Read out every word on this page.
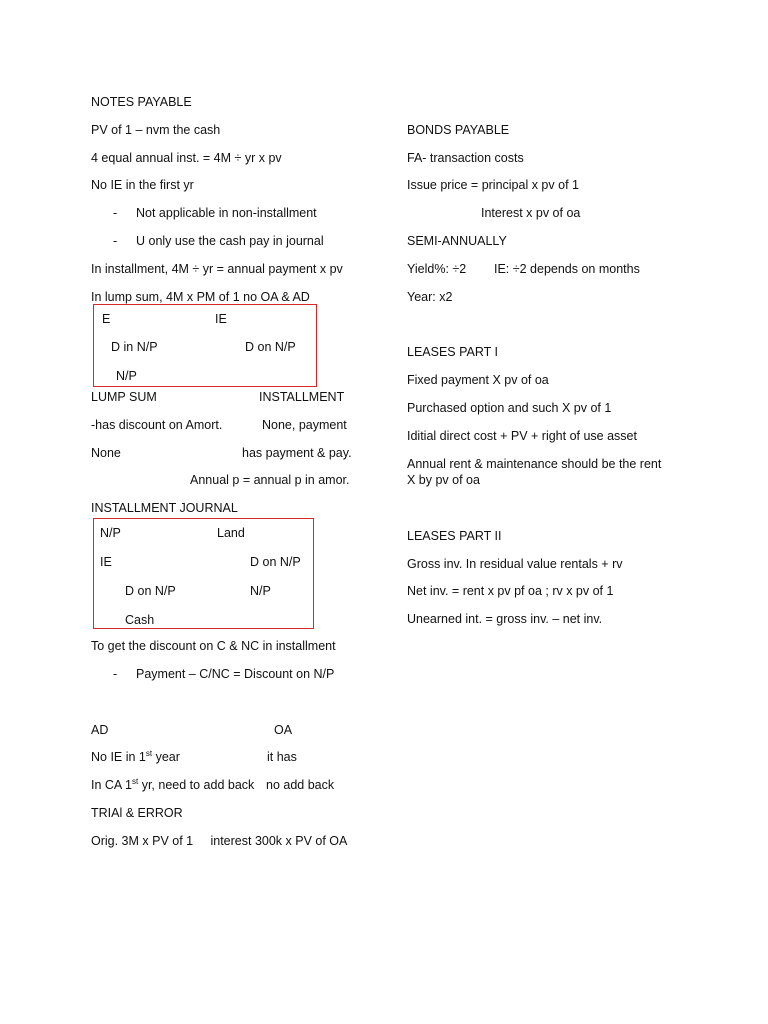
NOTES PAYABLE
PV of 1 – nvm the cash
4 equal annual inst. = 4M ÷ yr x pv
No IE in the first yr
- Not applicable in non-installment
- U only use the cash pay in journal
In installment, 4M ÷ yr = annual payment x pv
In lump sum, 4M x PM of 1 no OA & AD
E	IE
D in N/P	D on N/P
N/P
LUMP SUM	INSTALLMENT
-has discount on Amort.	None, payment
None	has payment & pay.
Annual p = annual p in amor.
INSTALLMENT JOURNAL
N/P	Land
IE	D on N/P
D on N/P	N/P
Cash
To get the discount on C & NC in installment
- Payment – C/NC = Discount on N/P
AD	OA
No IE in 1st year	it has
In CA 1st yr, need to add back no add back
TRIAl & ERROR
Orig. 3M x PV of 1     interest 300k x PV of OA
BONDS PAYABLE
FA- transaction costs
Issue price = principal x pv of 1
Interest x pv of oa
SEMI-ANNUALLY
Yield%: ÷2 IE: ÷2 depends on months
Year: x2
LEASES PART I
Fixed payment X pv of oa
Purchased option and such X pv of 1
Iditial direct cost + PV + right of use asset
Annual rent & maintenance should be the rent
X by pv of oa
LEASES PART II
Gross inv. In residual value rentals + rv
Net inv. = rent x pv pf oa ; rv x pv of 1
Unearned int. = gross inv. – net inv.
